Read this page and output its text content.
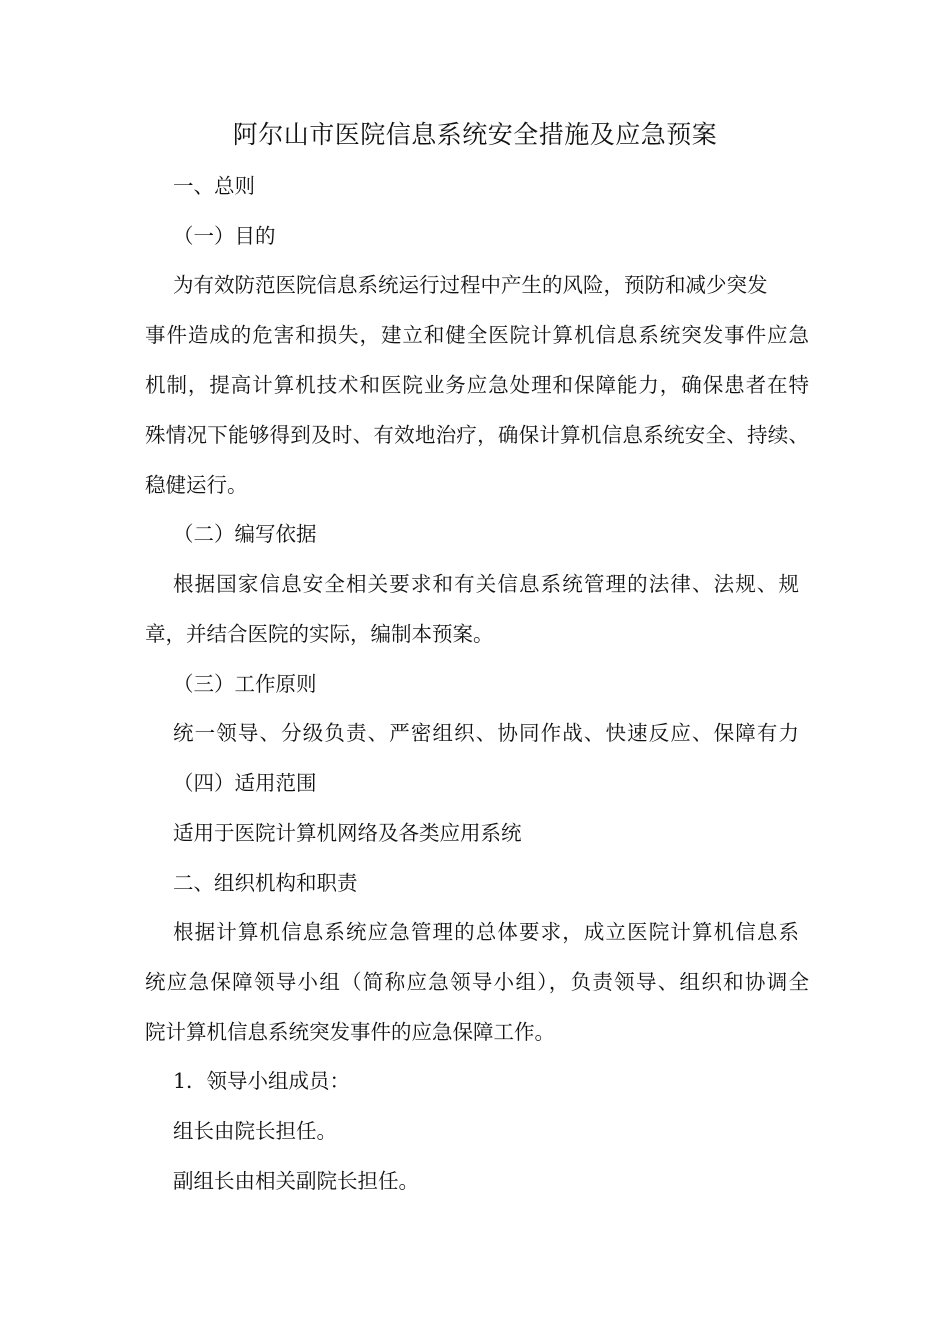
阿尔山市医院信息系统安全措施及应急预案

一、总则

（一）目的

为有效防范医院信息系统运行过程中产生的风险，预防和减少突发

事件造成的危害和损失，建立和健全医院计算机信息系统突发事件应急

机制，提高计算机技术和医院业务应急处理和保障能力，确保患者在特

殊情况下能够得到及时、有效地治疗，确保计算机信息系统安全、持续、

稳健运行。

（二）编写依据

根据国家信息安全相关要求和有关信息系统管理的法律、法规、规

章，并结合医院的实际，编制本预案。

（三）工作原则

统一领导、分级负责、严密组织、协同作战、快速反应、保障有力

（四）适用范围

适用于医院计算机网络及各类应用系统

二、组织机构和职责

根据计算机信息系统应急管理的总体要求，成立医院计算机信息系

统应急保障领导小组（简称应急领导小组），负责领导、组织和协调全

院计算机信息系统突发事件的应急保障工作。

1．领导小组成员：

组长由院长担任。

副组长由相关副院长担任。
